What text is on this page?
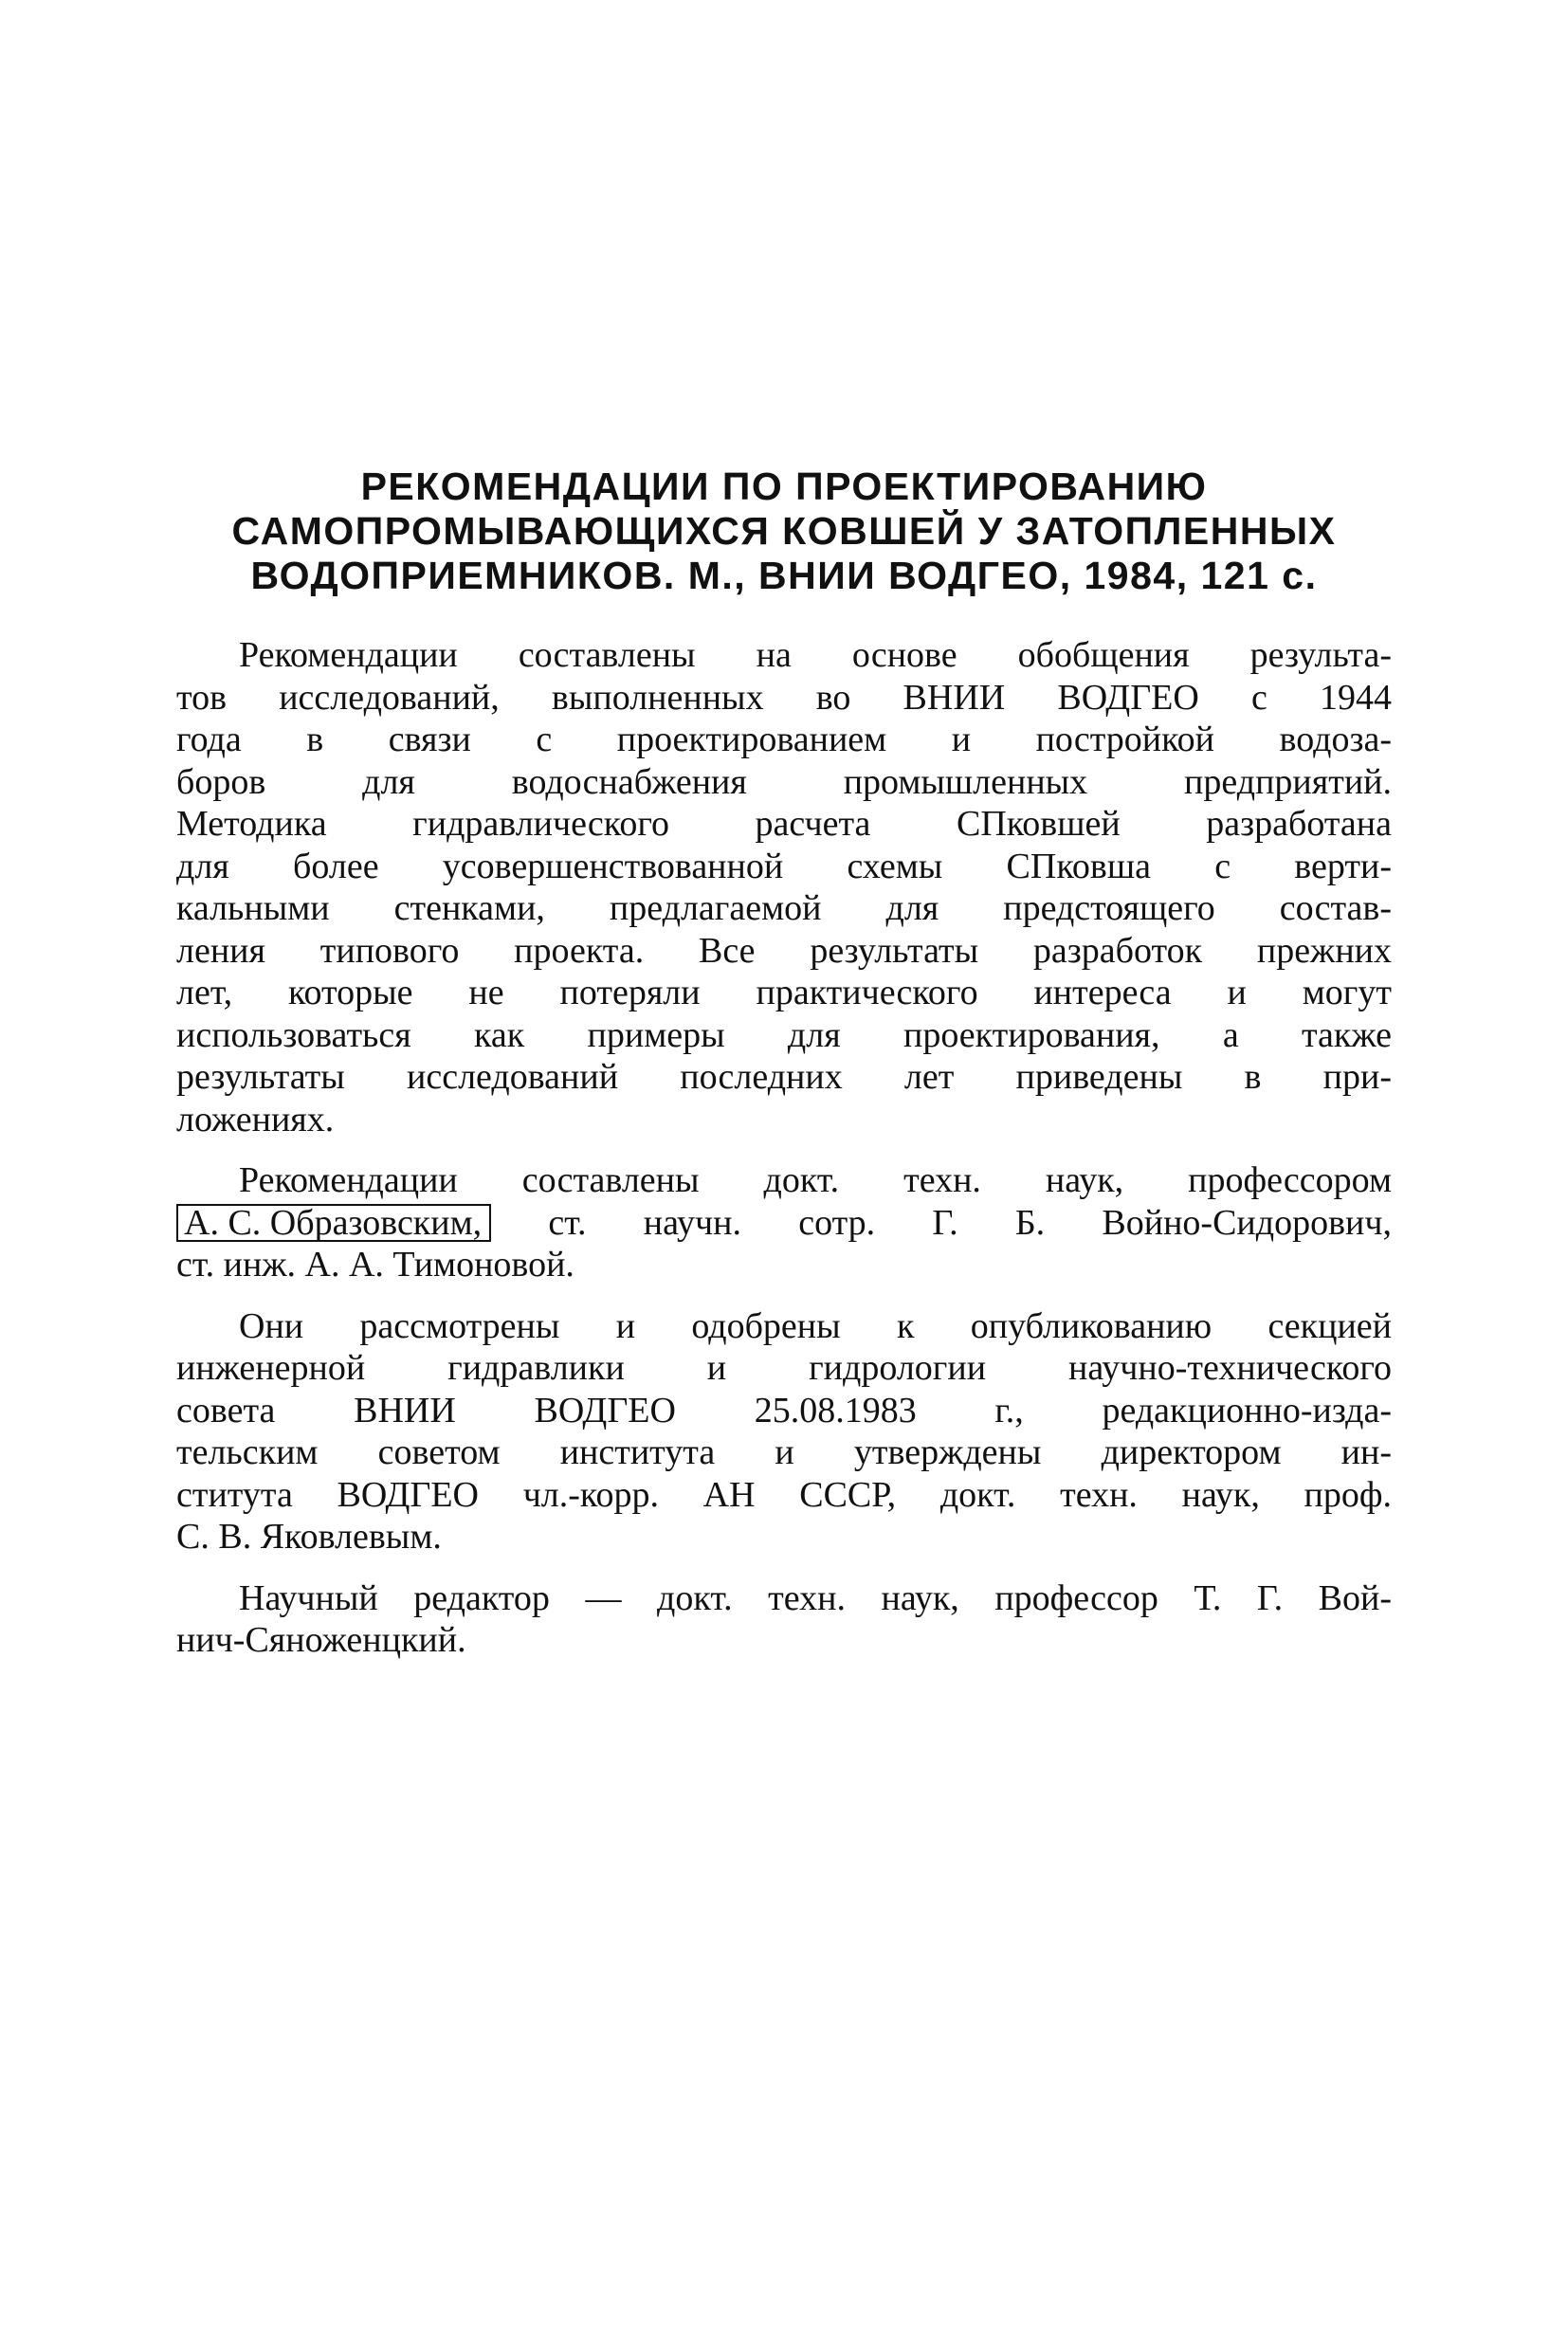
РЕКОМЕНДАЦИИ ПО ПРОЕКТИРОВАНИЮ
САМОПРОМЫВАЮЩИХСЯ КОВШЕЙ У ЗАТОПЛЕННЫХ
ВОДОПРИЕМНИКОВ. М., ВНИИ ВОДГЕО, 1984, 121 с.

Рекомендации составлены на основе обобщения результа-
тов исследований, выполненных во ВНИИ ВОДГЕО с 1944
года в связи с проектированием и постройкой водоза-
боров для водоснабжения промышленных предприятий.
Методика гидравлического расчета СПковшей разработана
для более усовершенствованной схемы СПковша с верти-
кальными стенками, предлагаемой для предстоящего состав-
ления типового проекта. Все результаты разработок прежних
лет, которые не потеряли практического интереса и могут
использоваться как примеры для проектирования, а также
результаты исследований последних лет приведены в при-
ложениях.

Рекомендации составлены докт. техн. наук, профессором
А. С. Образовским, ст. научн. сотр. Г. Б. Войно-Сидорович,
ст. инж. А. А. Тимоновой.

Они рассмотрены и одобрены к опубликованию секцией
инженерной гидравлики и гидрологии научно-технического
совета ВНИИ ВОДГЕО 25.08.1983 г., редакционно-изда-
тельским советом института и утверждены директором ин-
ститута ВОДГЕО чл.-корр. АН СССР, докт. техн. наук, проф.
С. В. Яковлевым.

Научный редактор — докт. техн. наук, профессор Т. Г. Вой-
нич-Сяноженцкий.
